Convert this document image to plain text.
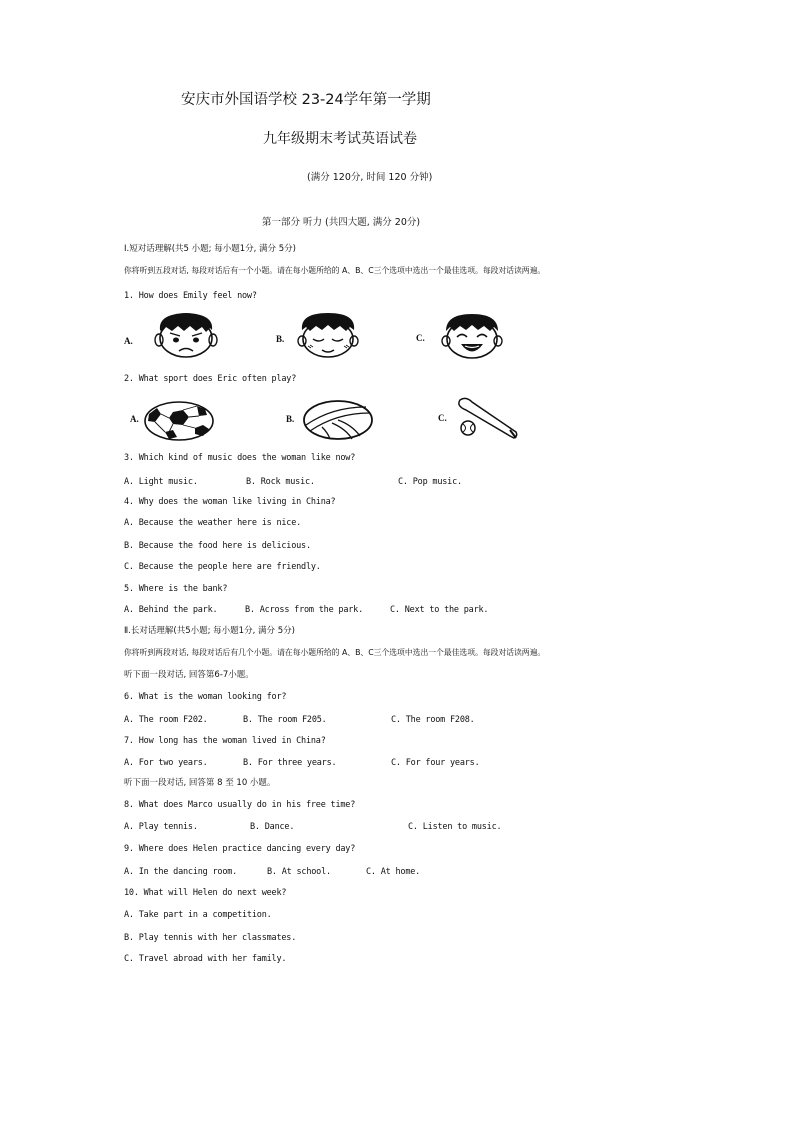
安庆市外国语学校 23-24学年第一学期
九年级期末考试英语试卷
(满分 120分, 时间 120 分钟)
第一部分 听力 (共四大题, 满分 20分)
Ⅰ.短对话理解(共5 小题; 每小题1分, 满分 5分)
你将听到五段对话, 每段对话后有一个小题。请在每小题所给的 A、B、C三个选项中选出一个最佳选项。每段对话读两遍。
1. How does Emily feel now?
A.	B.	C.
2. What sport does Eric often play?
A.	B.	C.
3. Which kind of music does the woman like now?
A. Light music.	B. Rock music.	C. Pop music.
4. Why does the woman like living in China?
A. Because the weather here is nice.
B. Because the food here is delicious.
C. Because the people here are friendly.
5. Where is the bank?
A. Behind the park.	B. Across from the park.	C. Next to the park.
Ⅱ.长对话理解(共5小题; 每小题1分, 满分 5分)
你将听到两段对话, 每段对话后有几个小题。请在每小题所给的 A、B、C三个选项中选出一个最佳选项。每段对话读两遍。
听下面一段对话, 回答第6-7小题。
6. What is the woman looking for?
A. The room F202.	B. The room F205.	C. The room F208.
7. How long has the woman lived in China?
A. For two years.	B. For three years.	C. For four years.
听下面一段对话, 回答第 8 至 10 小题。
8. What does Marco usually do in his free time?
A. Play tennis.	B. Dance.	C. Listen to music.
9. Where does Helen practice dancing every day?
A. In the dancing room.	B. At school.	C. At home.
10. What will Helen do next week?
A. Take part in a competition.
B. Play tennis with her classmates.
C. Travel abroad with her family.
